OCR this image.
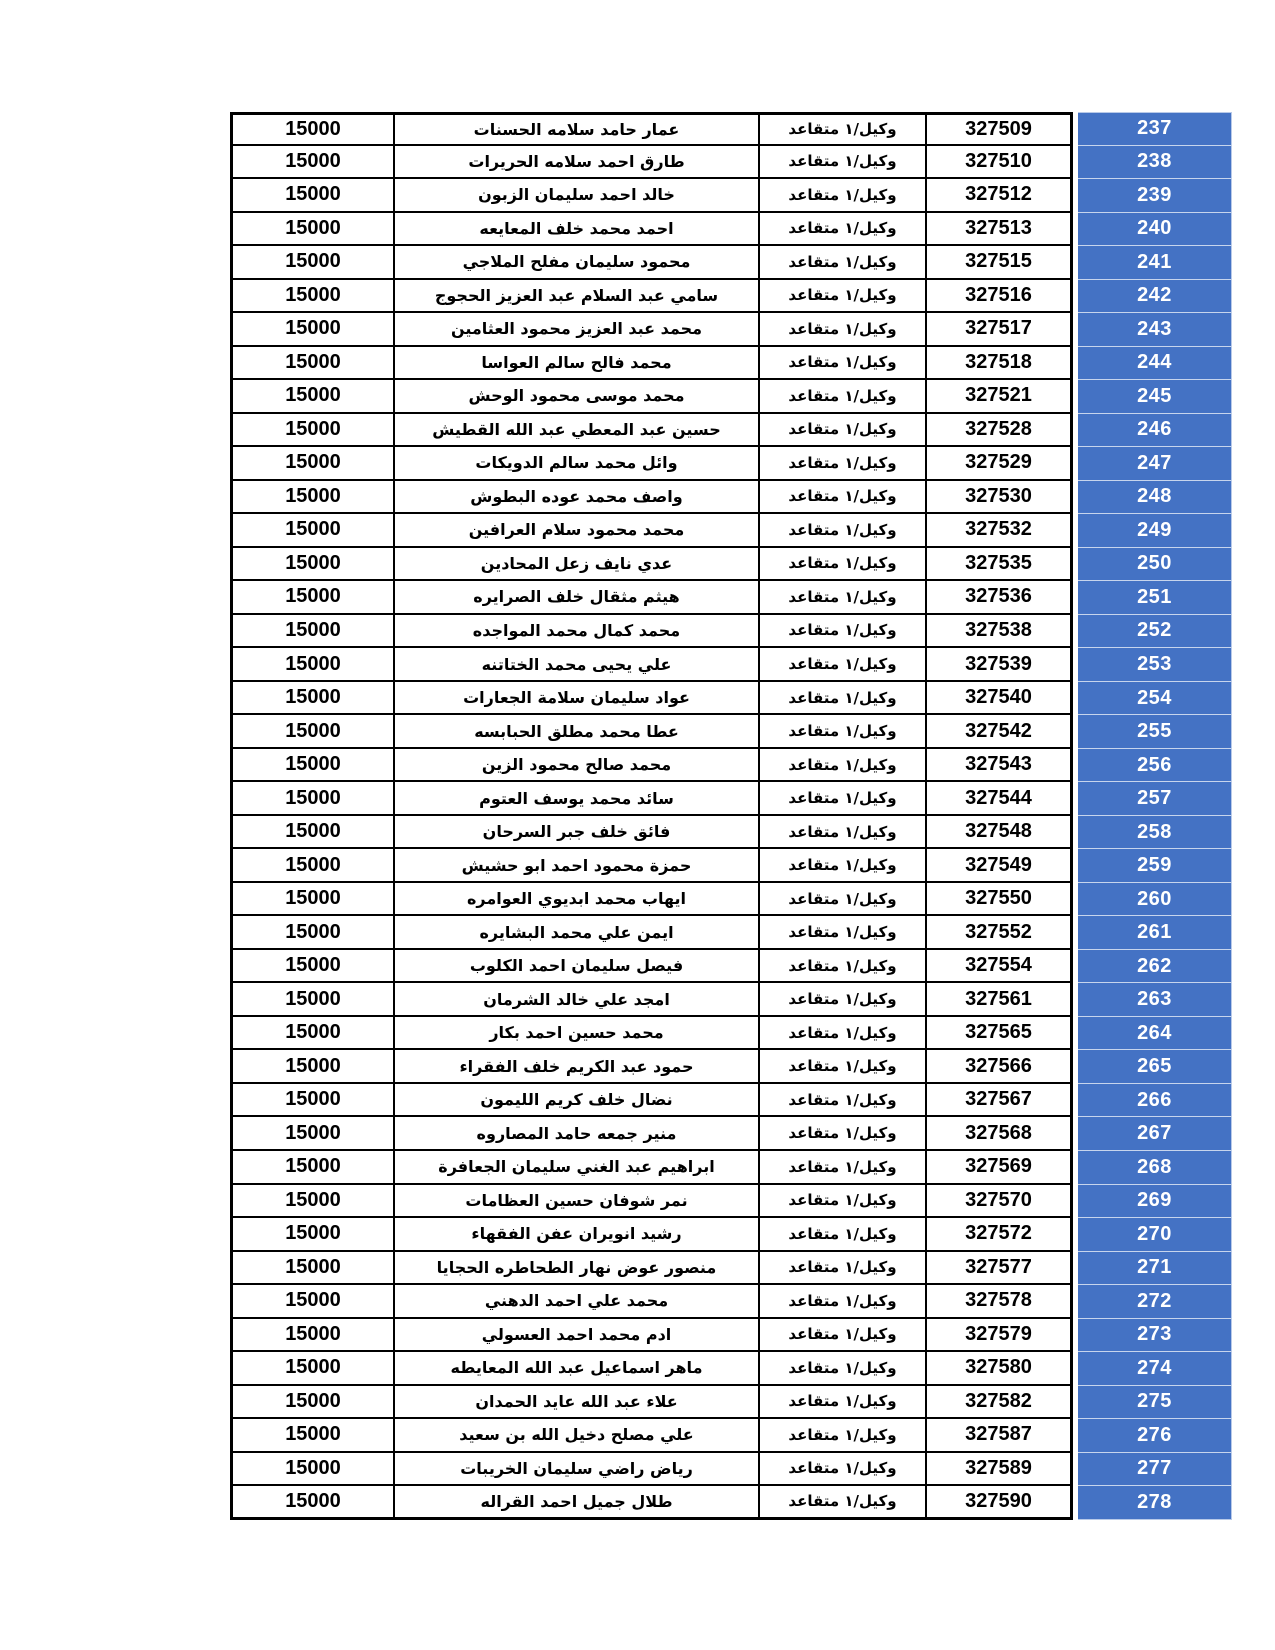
15000	عمار حامد سلامه الحسنات	وكيل/١ متقاعد	327509	237
15000	طارق احمد سلامه الحريرات	وكيل/١ متقاعد	327510	238
15000	خالد احمد سليمان الزبون	وكيل/١ متقاعد	327512	239
15000	احمد محمد خلف المعايعه	وكيل/١ متقاعد	327513	240
15000	محمود سليمان مفلح الملاجي	وكيل/١ متقاعد	327515	241
15000	سامي عبد السلام عبد العزيز الحجوج	وكيل/١ متقاعد	327516	242
15000	محمد عبد العزيز محمود العثامين	وكيل/١ متقاعد	327517	243
15000	محمد فالح سالم العواسا	وكيل/١ متقاعد	327518	244
15000	محمد موسى محمود الوحش	وكيل/١ متقاعد	327521	245
15000	حسين عبد المعطي عبد الله القطيش	وكيل/١ متقاعد	327528	246
15000	وائل محمد سالم الدويكات	وكيل/١ متقاعد	327529	247
15000	واصف محمد عوده البطوش	وكيل/١ متقاعد	327530	248
15000	محمد محمود سلام العرافين	وكيل/١ متقاعد	327532	249
15000	عدي نايف زعل المحادين	وكيل/١ متقاعد	327535	250
15000	هيثم مثقال خلف الصرايره	وكيل/١ متقاعد	327536	251
15000	محمد كمال محمد المواجده	وكيل/١ متقاعد	327538	252
15000	علي يحيى محمد الختاتنه	وكيل/١ متقاعد	327539	253
15000	عواد سليمان سلامة الجعارات	وكيل/١ متقاعد	327540	254
15000	عطا محمد مطلق الحبابسه	وكيل/١ متقاعد	327542	255
15000	محمد صالح محمود الزين	وكيل/١ متقاعد	327543	256
15000	سائد محمد يوسف العتوم	وكيل/١ متقاعد	327544	257
15000	فائق خلف جبر السرحان	وكيل/١ متقاعد	327548	258
15000	حمزة محمود احمد ابو حشيش	وكيل/١ متقاعد	327549	259
15000	ايهاب محمد ابديوي العوامره	وكيل/١ متقاعد	327550	260
15000	ايمن علي محمد البشايره	وكيل/١ متقاعد	327552	261
15000	فيصل سليمان احمد الكلوب	وكيل/١ متقاعد	327554	262
15000	امجد علي خالد الشرمان	وكيل/١ متقاعد	327561	263
15000	محمد حسين احمد بكار	وكيل/١ متقاعد	327565	264
15000	حمود عبد الكريم خلف الفقراء	وكيل/١ متقاعد	327566	265
15000	نضال خلف كريم الليمون	وكيل/١ متقاعد	327567	266
15000	منير جمعه حامد المصاروه	وكيل/١ متقاعد	327568	267
15000	ابراهيم عبد الغني سليمان الجعافرة	وكيل/١ متقاعد	327569	268
15000	نمر شوفان حسين العظامات	وكيل/١ متقاعد	327570	269
15000	رشيد انويران عفن الفقهاء	وكيل/١ متقاعد	327572	270
15000	منصور عوض نهار الطحاطره الحجايا	وكيل/١ متقاعد	327577	271
15000	محمد علي احمد الدهني	وكيل/١ متقاعد	327578	272
15000	ادم محمد احمد العسولي	وكيل/١ متقاعد	327579	273
15000	ماهر اسماعيل عبد الله المعايطه	وكيل/١ متقاعد	327580	274
15000	علاء عبد الله عايد الحمدان	وكيل/١ متقاعد	327582	275
15000	علي مصلح دخيل الله بن سعيد	وكيل/١ متقاعد	327587	276
15000	رياض راضي سليمان الخريبات	وكيل/١ متقاعد	327589	277
15000	طلال جميل احمد القراله	وكيل/١ متقاعد	327590	278
